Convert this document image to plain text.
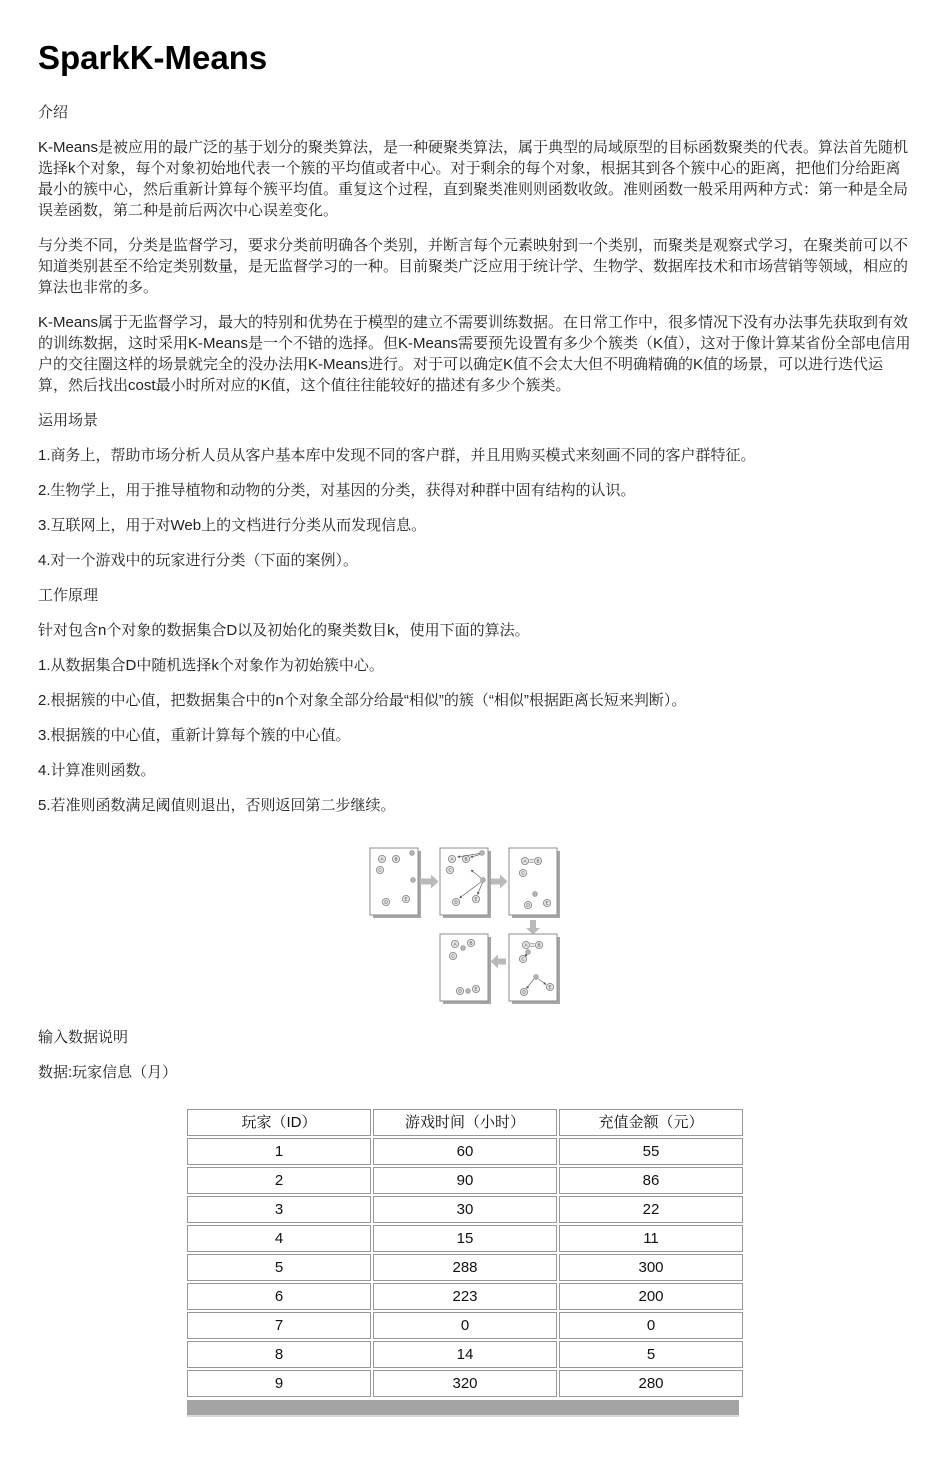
SparkK-Means

介绍

K-Means是被应用的最广泛的基于划分的聚类算法，是一种硬聚类算法，属于典型的局域原型的目标函数聚类的代表。算法首先随机选择k个对象，每个对象初始地代表一个簇的平均值或者中心。对于剩余的每个对象，根据其到各个簇中心的距离，把他们分给距离最小的簇中心，然后重新计算每个簇平均值。重复这个过程，直到聚类准则则函数收敛。准则函数一般采用两种方式：第一种是全局误差函数，第二种是前后两次中心误差变化。

与分类不同，分类是监督学习，要求分类前明确各个类别，并断言每个元素映射到一个类别，而聚类是观察式学习，在聚类前可以不知道类别甚至不给定类别数量，是无监督学习的一种。目前聚类广泛应用于统计学、生物学、数据库技术和市场营销等领域，相应的算法也非常的多。

K-Means属于无监督学习，最大的特别和优势在于模型的建立不需要训练数据。在日常工作中，很多情况下没有办法事先获取到有效的训练数据，这时采用K-Means是一个不错的选择。但K-Means需要预先设置有多少个簇类（K值），这对于像计算某省份全部电信用户的交往圈这样的场景就完全的没办法用K-Means进行。对于可以确定K值不会太大但不明确精确的K值的场景，可以进行迭代运算，然后找出cost最小时所对应的K值，这个值往往能较好的描述有多少个簇类。

运用场景

1.商务上，帮助市场分析人员从客户基本库中发现不同的客户群，并且用购买模式来刻画不同的客户群特征。

2.生物学上，用于推导植物和动物的分类，对基因的分类，获得对种群中固有结构的认识。

3.互联网上，用于对Web上的文档进行分类从而发现信息。

4.对一个游戏中的玩家进行分类（下面的案例）。

工作原理

针对包含n个对象的数据集合D以及初始化的聚类数目k，使用下面的算法。

1.从数据集合D中随机选择k个对象作为初始簇中心。

2.根据簇的中心值，把数据集合中的n个对象全部分给最“相似”的簇（“相似”根据距离长短来判断）。

3.根据簇的中心值，重新计算每个簇的中心值。

4.计算准则函数。

5.若准则函数满足阈值则退出，否则返回第二步继续。

A B
C
D
E
A B
C
D
E
A B
C
D	E
A B
C
D
E
A	B
C
D	E

输入数据说明

数据:玩家信息（月）

玩家（ID）	游戏时间（小时）	充值金额（元）
1	60	55
2	90	86
3	30	22
4	15	11
5	288	300
6	223	200
7	0	0
8	14	5
9	320	280
